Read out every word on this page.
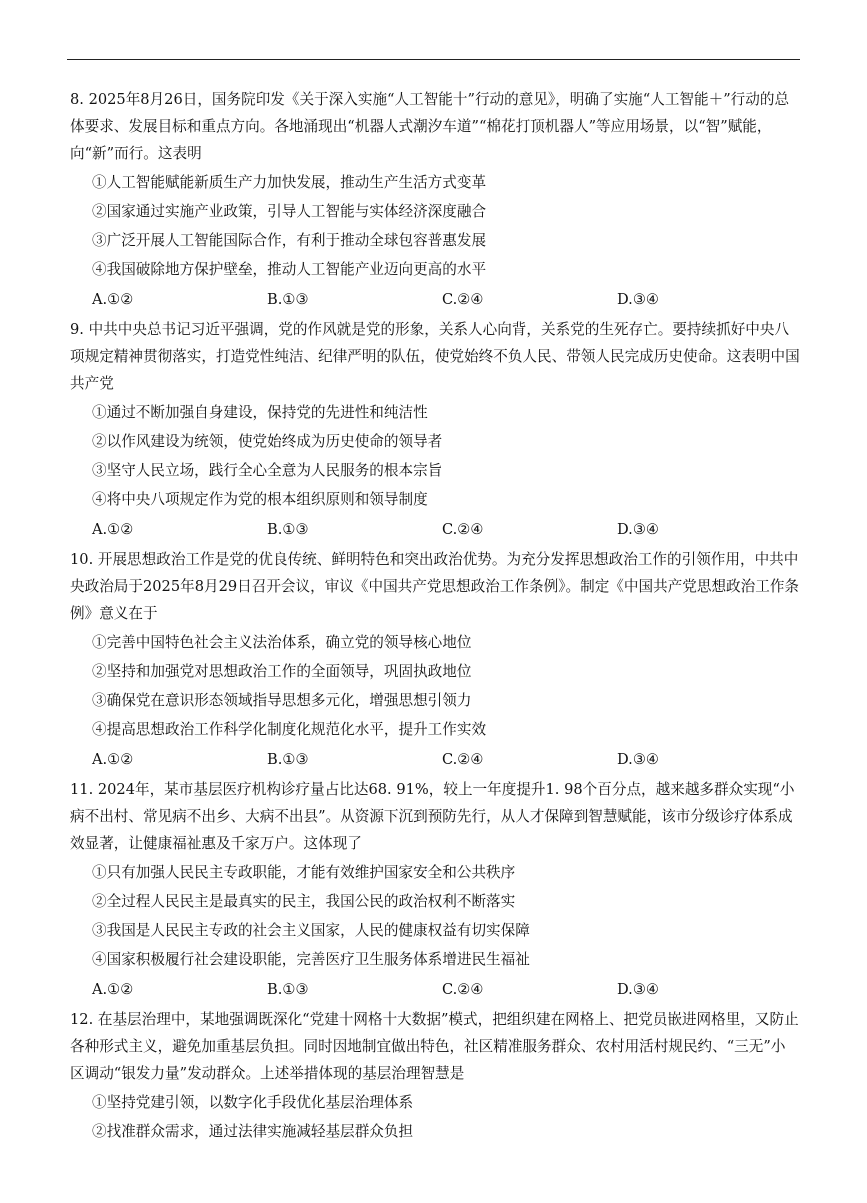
8. 2025年8月26日，国务院印发《关于深入实施“人工智能十”行动的意见》，明确了实施“人工智能＋”行动的总体要求、发展目标和重点方向。各地涌现出“机器人式潮汐车道”“棉花打顶机器人”等应用场景，以“智”赋能，向“新”而行。这表明

①人工智能赋能新质生产力加快发展，推动生产生活方式变革

②国家通过实施产业政策，引导人工智能与实体经济深度融合

③广泛开展人工智能国际合作，有利于推动全球包容普惠发展

④我国破除地方保护壁垒，推动人工智能产业迈向更高的水平

A.①②	B.①③	C.②④	D.③④

9. 中共中央总书记习近平强调，党的作风就是党的形象，关系人心向背，关系党的生死存亡。要持续抓好中央八项规定精神贯彻落实，打造党性纯洁、纪律严明的队伍，使党始终不负人民、带领人民完成历史使命。这表明中国共产党

①通过不断加强自身建设，保持党的先进性和纯洁性

②以作风建设为统领，使党始终成为历史使命的领导者

③坚守人民立场，践行全心全意为人民服务的根本宗旨

④将中央八项规定作为党的根本组织原则和领导制度

A.①②	B.①③	C.②④	D.③④

10. 开展思想政治工作是党的优良传统、鲜明特色和突出政治优势。为充分发挥思想政治工作的引领作用，中共中央政治局于2025年8月29日召开会议，审议《中国共产党思想政治工作条例》。制定《中国共产党思想政治工作条例》意义在于

①完善中国特色社会主义法治体系，确立党的领导核心地位

②坚持和加强党对思想政治工作的全面领导，巩固执政地位

③确保党在意识形态领域指导思想多元化，增强思想引领力

④提高思想政治工作科学化制度化规范化水平，提升工作实效

A.①②	B.①③	C.②④	D.③④

11. 2024年，某市基层医疗机构诊疗量占比达68. 91%，较上一年度提升1. 98个百分点，越来越多群众实现“小病不出村、常见病不出乡、大病不出县”。从资源下沉到预防先行，从人才保障到智慧赋能，该市分级诊疗体系成效显著，让健康福祉惠及千家万户。这体现了

①只有加强人民民主专政职能，才能有效维护国家安全和公共秩序

②全过程人民民主是最真实的民主，我国公民的政治权利不断落实

③我国是人民民主专政的社会主义国家，人民的健康权益有切实保障

④国家积极履行社会建设职能，完善医疗卫生服务体系增进民生福祉

A.①②	B.①③	C.②④	D.③④

12. 在基层治理中，某地强调既深化“党建十网格十大数据”模式，把组织建在网格上、把党员嵌进网格里，又防止各种形式主义，避免加重基层负担。同时因地制宜做出特色，社区精准服务群众、农村用活村规民约、“三无”小区调动“银发力量”发动群众。上述举措体现的基层治理智慧是

①坚持党建引领，以数字化手段优化基层治理体系

②找准群众需求，通过法律实施减轻基层群众负担
